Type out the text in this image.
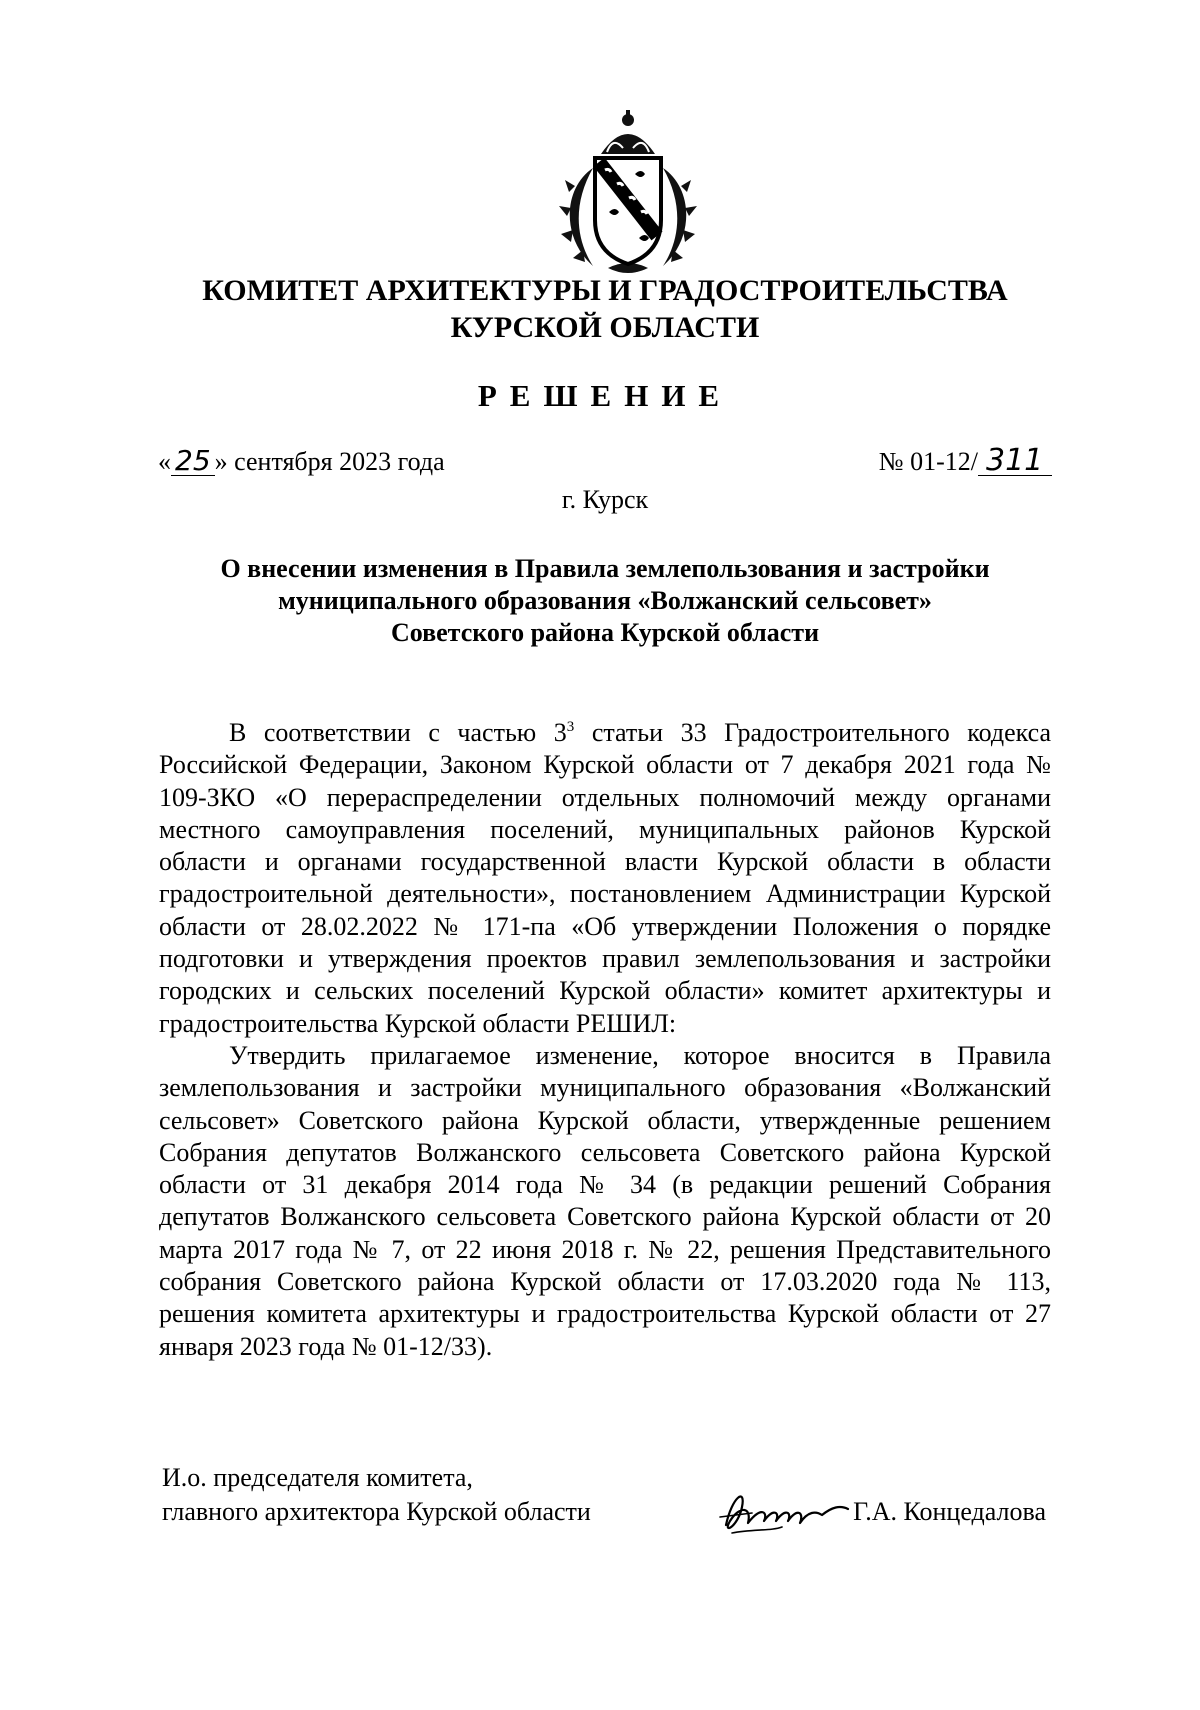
КОМИТЕТ АРХИТЕКТУРЫ И ГРАДОСТРОИТЕЛЬСТВА
КУРСКОЙ ОБЛАСТИ
РЕШЕНИЕ
« 25 » сентября 2023 года	№ 01-12/ 311
г. Курск
О внесении изменения в Правила землепользования и застройки
муниципального образования «Волжанский сельсовет»
Советского района Курской области

В соответствии с частью $3^3$ статьи 33 Градостроительного кодекса Российской Федерации, Законом Курской области от 7 декабря 2021 года № 109-ЗКО «О перераспределении отдельных полномочий между органами местного самоуправления поселений, муниципальных районов Курской области и органами государственной власти Курской области в области градостроительной деятельности», постановлением Администрации Курской области от 28.02.2022 № 171-па «Об утверждении Положения о порядке подготовки и утверждения проектов правил землепользования и застройки городских и сельских поселений Курской области» комитет архитектуры и градостроительства Курской области РЕШИЛ:

Утвердить прилагаемое изменение, которое вносится в Правила землепользования и застройки муниципального образования «Волжанский сельсовет» Советского района Курской области, утвержденные решением Собрания депутатов Волжанского сельсовета Советского района Курской области от 31 декабря 2014 года № 34 (в редакции решений Собрания депутатов Волжанского сельсовета Советского района Курской области от 20 марта 2017 года № 7, от 22 июня 2018 г. № 22, решения Представительного собрания Советского района Курской области от 17.03.2020 года № 113, решения комитета архитектуры и градостроительства Курской области от 27 января 2023 года № 01-12/33).

И.о. председателя комитета,
главного архитектора Курской области	Г.А. Концедалова
